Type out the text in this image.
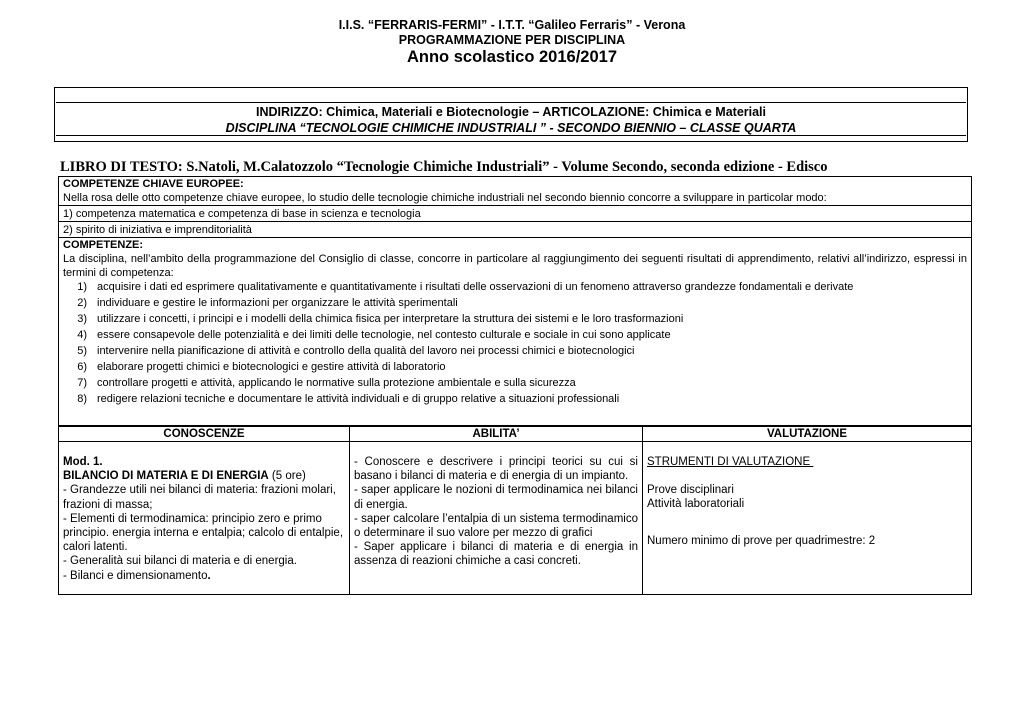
I.I.S. “FERRARIS-FERMI” - I.T.T. “Galileo Ferraris” - Verona
PROGRAMMAZIONE PER DISCIPLINA
Anno scolastico 2016/2017
INDIRIZZO: Chimica, Materiali e Biotecnologie – ARTICOLAZIONE: Chimica e Materiali
DISCIPLINA “TECNOLOGIE CHIMICHE INDUSTRIALI ” - SECONDO BIENNIO – CLASSE QUARTA
LIBRO DI TESTO: S.Natoli, M.Calatozzolo “Tecnologie Chimiche Industriali” - Volume Secondo, seconda edizione - Edisco
COMPETENZE CHIAVE EUROPEE:
Nella rosa delle otto competenze chiave europee, lo studio delle tecnologie chimiche industriali nel secondo biennio concorre a sviluppare in particolar modo:
1) competenza matematica e competenza di base in scienza e tecnologia
2) spirito di iniziativa e imprenditorialità
COMPETENZE:
La disciplina, nell’ambito della programmazione del Consiglio di classe, concorre in particolare al raggiungimento dei seguenti risultati di apprendimento, relativi all’indirizzo, espressi in termini di competenza:
1) acquisire i dati ed esprimere qualitativamente e quantitativamente i risultati delle osservazioni di un fenomeno attraverso grandezze fondamentali e derivate
2) individuare e gestire le informazioni per organizzare le attività sperimentali
3) utilizzare i concetti, i principi e i modelli della chimica fisica per interpretare la struttura dei sistemi e le loro trasformazioni
4) essere consapevole delle potenzialità e dei limiti delle tecnologie, nel contesto culturale e sociale in cui sono applicate
5) intervenire nella pianificazione di attività e controllo della qualità del lavoro nei processi chimici e biotecnologici
6) elaborare progetti chimici e biotecnologici e gestire attività di laboratorio
7) controllare progetti e attività, applicando le normative sulla protezione ambientale e sulla sicurezza
8) redigere relazioni tecniche e documentare le attività individuali e di gruppo relative a situazioni professionali
CONOSCENZE
Mod. 1.
BILANCIO DI MATERIA E DI ENERGIA (5 ore)
- Grandezze utili nei bilanci di materia: frazioni molari, frazioni di massa;
- Elementi di termodinamica: principio zero e primo principio. energia interna e entalpia; calcolo di entalpie, calori latenti.
- Generalità sui bilanci di materia e di energia.
- Bilanci e dimensionamento.
ABILITA’
- Conoscere e descrivere i principi teorici su cui si basano i bilanci di materia e di energia di un impianto.
- saper applicare le nozioni di termodinamica nei bilanci di energia.
- saper calcolare l’entalpia di un sistema termodinamico o determinare il suo valore per mezzo di grafici
- Saper applicare i bilanci di materia e di energia in assenza di reazioni chimiche a casi concreti.
VALUTAZIONE
STRUMENTI DI VALUTAZIONE
Prove disciplinari
Attività laboratoriali
Numero minimo di prove per quadrimestre: 2
